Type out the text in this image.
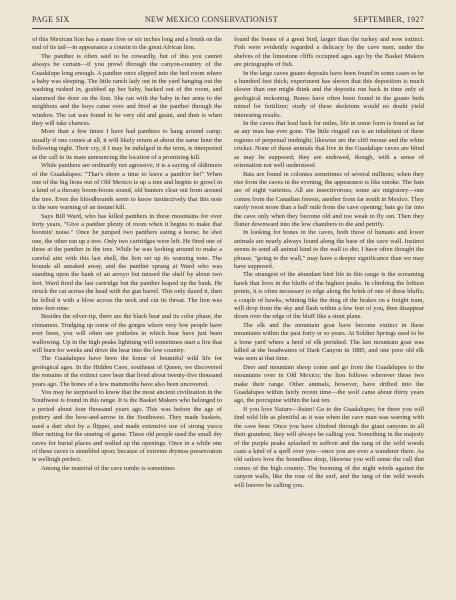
PAGE SIX	NEW MEXICO CONSERVATIONIST	SEPTEMBER, 1927

of this Mexican lion has a mane five or six inches long and a brush on the end of its tail—in appearance a cousin to the great African lion.

The panther is often said to be cowardly, but of this you cannot always be certain—if you prowl through the canyon-country of the Guadalupe long enough. A panther once slipped into the bed room where a baby was sleeping. The little ranch lady out in the yard hanging out the washing rushed in, grabbed up her baby, backed out of the room, and slammed the door on the lion. She ran with the baby in her arms to the neighbors and the boys came over and fired at the panther through the window. The cat was found to be very old and gaunt, and then is when they will take chances.

More than a few times I have had panthers to hang around camp; usually if one comes at all, it will likely return at about the same hour the following night. Their cry, if I may be indulged in the term, is interpreted as the call to its mate announcing the location of a promising kill.

While panthers are ordinarily not agressive, it is a saying of oldtimers of the Guadalupes: "Thar's shore a time to leave a panth'er be!" When one of the big lions out of Old Mexico is up a tree and begins to growl in a kind of a throaty boom-boom sound, old hunters clear out from around the tree. Even the bloodhounds seem to know instinctively that this note is the sure warning of an instant kill.

Says Bill Ward, who has killed panthers in these mountains for over forty years, "Give a panther plenty of room when it begins to make that boomin' noise." Once he jumped two panthers eating a horse; he shot one, the other ran up a tree. Only two cartridges were left. He fired one of these at the panther in the tree. While he was looking around to make a careful aim with this last shell, the lion set up its warning note. The hounds all sneaked away, and the panther sprang at Ward who was standing upon the bank of an arroyo but missed the shelf by about two feet. Ward fired the last cartridge but the panther leaped up the bank. He struck the cat across the head with the gun barrel. This only dazed it, then he felled it with a blow across the neck and cut its throat. The lion was nine-feet-nine.

Besides the silver-tip, there are the black bear and its color phase, the cinnamon. Trudging up some of the gorges where very few people have ever been, you will often see potholes in which bear have just been wallowing. Up in the high peaks lightning will sometimes start a fire that will burn for weeks and drive the bear into the low country.

The Guadalupes have been the home of bountiful wild life for geological ages. In the Hidden Cave, southeast of Queen, we discovered the remains of the extinct cave bear that lived about twenty-five thousand years ago. The bones of a few mammoths have also been uncovered.

You may be surprised to know that the most ancient civilization in the Southwest is found in this range. It is the Basket Makers who belonged to a period about four thousand years ago. This was before the age of pottery and the bow-and-arrow in the Southwest. They made baskets, used a dart shot by a flipper, and made extensive use of strong yucca fiber netting for the snaring of game. These old people used the small dry caves for burial places and walled up the openings. Once in a while one of these caves is stumbled upon; because of extreme dryness preservation is wellnigh perfect.

Among the material of the cave tombs is sometimes

found the bones of a great bird, larger than the turkey and now extinct. Fish were evidently regarded a delicacy by the cave men; under the shelves of the limestone cliffs occupied ages ago by the Basket Makers are pictographs of fish.

In the large caves guano deposits have been found in some cases to be a hundred feet thick; experiment has shown that this deposition is much slower than one might think and the deposits run back in time only of geological reckoning. Bones have often been found in the guano beds mined for fertilizer; study of these skeletons would no doubt yield interesting results.

In the caves that lead back for miles, life in some form is found as far as any man has ever gone. The little ringtail cat is an inhabitant of these regions of perpetual midnight; likewise are the cliff mouse and the white cricket. None of these animals that live in the Guadalupe caves are blind as may be supposed; they are endowed, though, with a sense of orientation not well understood.

Bats are found in colonies sometimes of several millions; when they rise from the caves in the evening, the appearance is like smoke. The bats are of eight varieties. All are insectivorous; some are migratory—one comes from the Canadian forests, another from far south in Mexico. They rarely roost more than a half mile from the cave opening; bats go far into the cave only when they become old and too weak to fly out. Then they flutter downward into the low chambers to die and petrify.

In looking for bones in the caves, both those of humans and lower animals are nearly always found along the base of the cave wall. Instinct seems to send all animal kind to the wall to die; I have often thought the phrase, "going to the wall," may have a deeper significance than we may have supposed.

The strangest of the abundant bird life in this range is the screaming hawk that lives in the bluffs of the highest peaks. In climbing the loftiest points, it is often necessary to edge along the brink of one of these bluffs; a couple of hawks, whining like the drag of the brakes on a freight train, will drop from the sky and flash within a few feet of you, then disappear down over the edge of the bluff like a stunt plane.

The elk and the mountain goat have become extinct in these mountains within the past forty or so years. At Soldier Springs used to be a bone yard where a herd of elk perished. The last mountain goat was killed at the headwaters of Dark Canyon in 1885, and one poor old elk was seen at that time.

Deer and mountain sheep come and go from the Guadalupes to the mountains over in Old Mexico; the lion follows wherever these two make their range. Other animals, however, have drifted into the Guadalupes within fairly recent time—the wolf came about thirty years ago, the porcupine within the last ten.

If you love Nature—listen! Go to the Guadalupes; for there you will find wild life as plentiful as it was when the cave man was warring with the cave bear. Once you have climbed through the giant canyons in all their grandeur, they will always be calling you. Something in the majesty of the purple peaks splashed in saffron and the tang of the wild woods casts a kind of a spell over you—once you are ever a wanderer there. As old sailors love the boundless deep, likewise you will sense the call that comes of the high country. The booming of the night winds against the canyon walls, like the roar of the surf, and the tang of the wild woods will forever be calling you.
